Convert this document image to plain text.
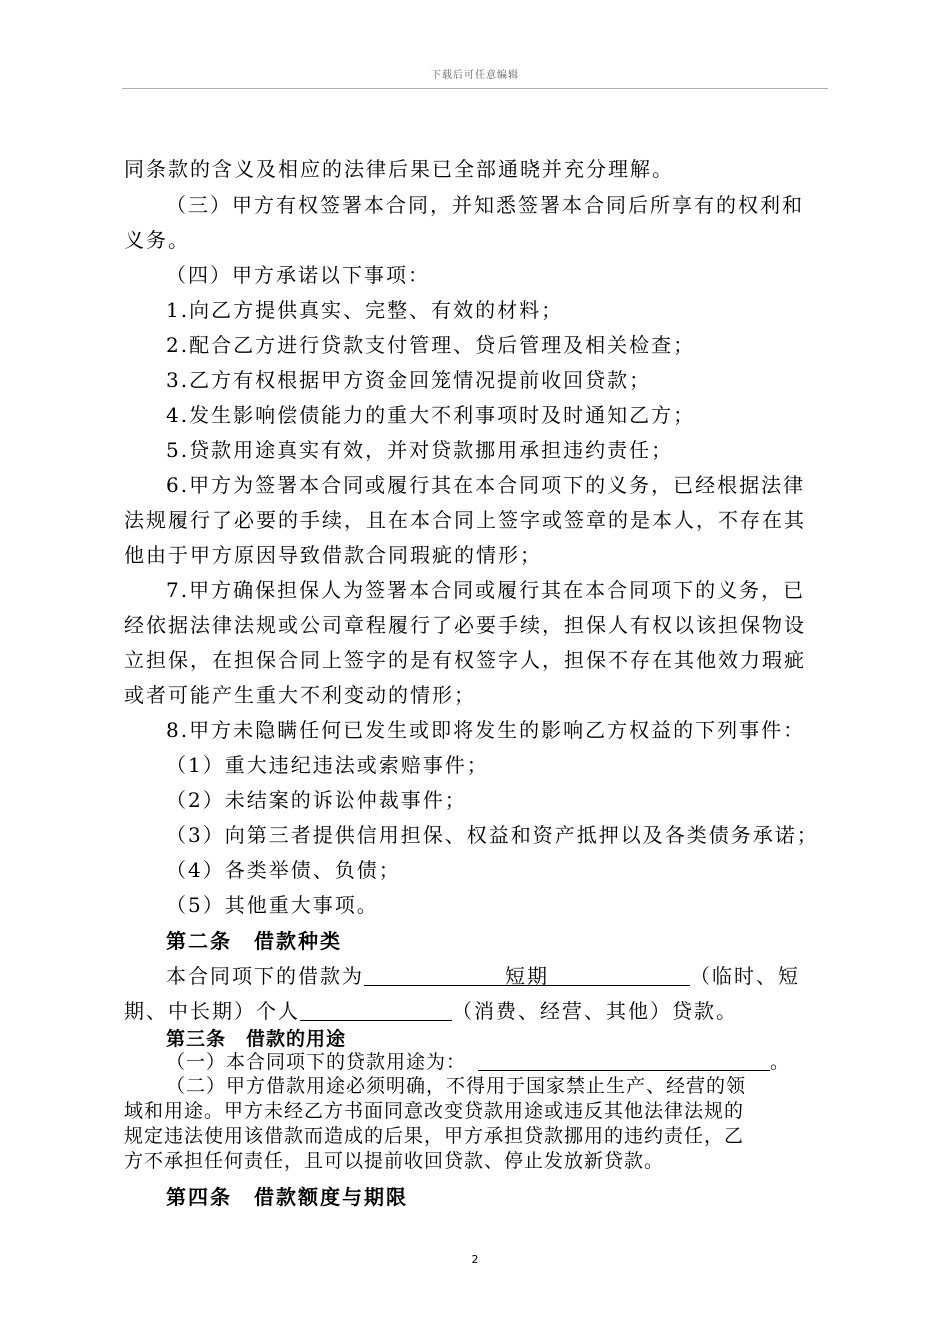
下载后可任意编辑
同条款的含义及相应的法律后果已全部通晓并充分理解。
（三）甲方有权签署本合同，并知悉签署本合同后所享有的权利和
义务。
（四）甲方承诺以下事项：
1.向乙方提供真实、完整、有效的材料；
2.配合乙方进行贷款支付管理、贷后管理及相关检查；
3.乙方有权根据甲方资金回笼情况提前收回贷款；
4.发生影响偿债能力的重大不利事项时及时通知乙方；
5.贷款用途真实有效，并对贷款挪用承担违约责任；
6.甲方为签署本合同或履行其在本合同项下的义务，已经根据法律
法规履行了必要的手续，且在本合同上签字或签章的是本人，不存在其
他由于甲方原因导致借款合同瑕疵的情形；
7.甲方确保担保人为签署本合同或履行其在本合同项下的义务，已
经依据法律法规或公司章程履行了必要手续，担保人有权以该担保物设
立担保，在担保合同上签字的是有权签字人，担保不存在其他效力瑕疵
或者可能产生重大不利变动的情形；
8.甲方未隐瞒任何已发生或即将发生的影响乙方权益的下列事件：
（1）重大违纪违法或索赔事件；
（2）未结案的诉讼仲裁事件；
（3）向第三者提供信用担保、权益和资产抵押以及各类债务承诺；
（4）各类举债、负债；
（5）其他重大事项。
第二条　借款种类
本合同项下的借款为	短期	（临时、短
期、中长期）个人	（消费、经营、其他）贷款。
第三条　借款的用途
（一）本合同项下的贷款用途为：	。
（二）甲方借款用途必须明确，不得用于国家禁止生产、经营的领
域和用途。甲方未经乙方书面同意改变贷款用途或违反其他法律法规的
规定违法使用该借款而造成的后果，甲方承担贷款挪用的违约责任，乙
方不承担任何责任，且可以提前收回贷款、停止发放新贷款。
第四条　借款额度与期限
2
